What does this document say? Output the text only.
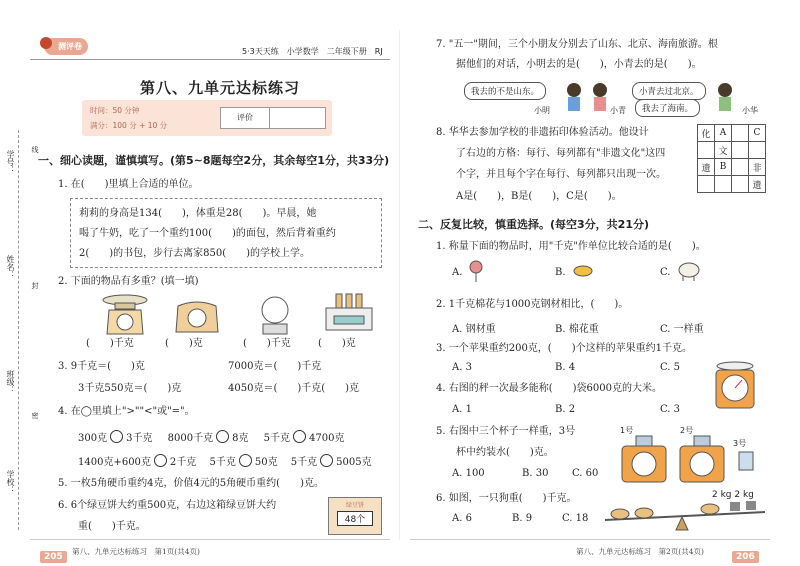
学号：
姓名：
班级：
学校：
线
封
密
测评卷
5·3天天练　小学数学　二年级下册　RJ
第八、九单元达标练习
时间：50 分钟
满分：100 分 + 10 分
评价
一、细心读题，谨慎填写。(第5~8题每空2分，其余每空1分，共33分)
1. 在(　　)里填上合适的单位。
莉莉的身高是134(　　)，体重是28(　　)。早晨，她
喝了牛奶，吃了一个重约100(　　)的面包，然后背着重约
2(　　)的书包，步行去离家850(　　)的学校上学。
2. 下面的物品有多重？(填一填)
(　　)千克	(　　)克	(　　)千克	(　　)克
3. 9千克＝(　　)克	7000克＝(　　)千克
3千克550克＝(　　)克	4050克＝(　　)千克(　　)克
4. 在◯里填上">""<"或"="。
300克 3千克 8000千克 8克 5千克 4700克
1400克+600克 2千克 5千克 50克 5千克 5005克
5. 一枚5角硬币重约4克，价值4元的5角硬币重约(　　)克。
6. 6个绿豆饼大约重500克，右边这箱绿豆饼大约
重(　　)千克。
绿豆饼
48个
205
第八、九单元达标练习　第1页(共4页)
7. "五一"期间，三个小朋友分别去了山东、北京、海南旅游。根
据他们的对话，小明去的是(　　)，小青去的是(　　)。
我去的不是山东。	小青去过北京。
我去了海南。
小明	小青	小华
8. 华华去参加学校的非遗拓印体验活动。他设计
了右边的方格：每行、每列都有"非遗文化"这四
个字，并且每个字在每行、每列都只出现一次。
A是(　　)，B是(　　)，C是(　　)。
化	A		C
	文		
遗	B		非
			遗
二、反复比较，慎重选择。(每空3分，共21分)
1. 称量下面的物品时，用"千克"作单位比较合适的是(　　)。
A.	B.	C.
2. 1千克棉花与1000克钢材相比，(　　)。
A. 钢材重	B. 棉花重	C. 一样重
3. 一个苹果重约200克，(　　)个这样的苹果重约1千克。
A. 3	B. 4	C. 5
4. 右图的秤一次最多能称(　　)袋6000克的大米。
A. 1	B. 2	C. 3
5. 右图中三个杯子一样重，3号
杯中约装水(　　)克。
A. 100	B. 30 C. 60
1号	2号
3号
6. 如图，一只狗重(　　)千克。
A. 6	B. 9	C. 18
2 kg 2 kg
第八、九单元达标练习　第2页(共4页)
206
